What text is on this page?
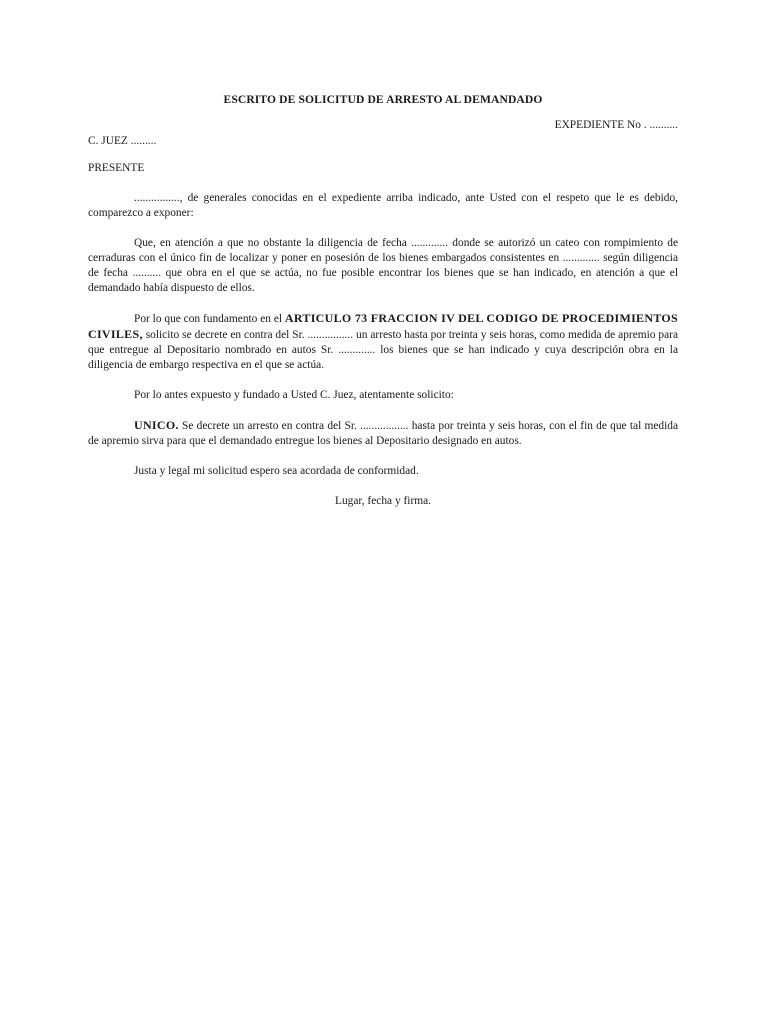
ESCRITO DE SOLICITUD DE ARRESTO AL DEMANDADO

EXPEDIENTE No . ..........

C. JUEZ .........

PRESENTE

................, de generales conocidas en el expediente arriba indicado, ante Usted con el respeto que le es debido, comparezco a exponer:

Que, en atención a que no obstante la diligencia de fecha ............. donde se autorizó un cateo con rompimiento de cerraduras con el único fin de localizar y poner en posesión de los bienes embargados consistentes en ............. según diligencia de fecha .......... que obra en el que se actúa, no fue posible encontrar los bienes que se han indicado, en atención a que el demandado había dispuesto de ellos.

Por lo que con fundamento en el ARTICULO 73 FRACCION IV DEL CODIGO DE PROCEDIMIENTOS CIVILES, solicito se decrete en contra del Sr. ................ un arresto hasta por treinta y seis horas, como medida de apremio para que entregue al Depositario nombrado en autos Sr. ............. los bienes que se han indicado y cuya descripción obra en la diligencia de embargo respectiva en el que se actúa.

Por lo antes expuesto y fundado a Usted C. Juez, atentamente solicito:

UNICO. Se decrete un arresto en contra del Sr. ................. hasta por treinta y seis horas, con el fin de que tal medida de apremio sirva para que el demandado entregue los bienes al Depositario designado en autos.

Justa y legal mi solicitud espero sea acordada de conformidad.

Lugar, fecha y firma.
